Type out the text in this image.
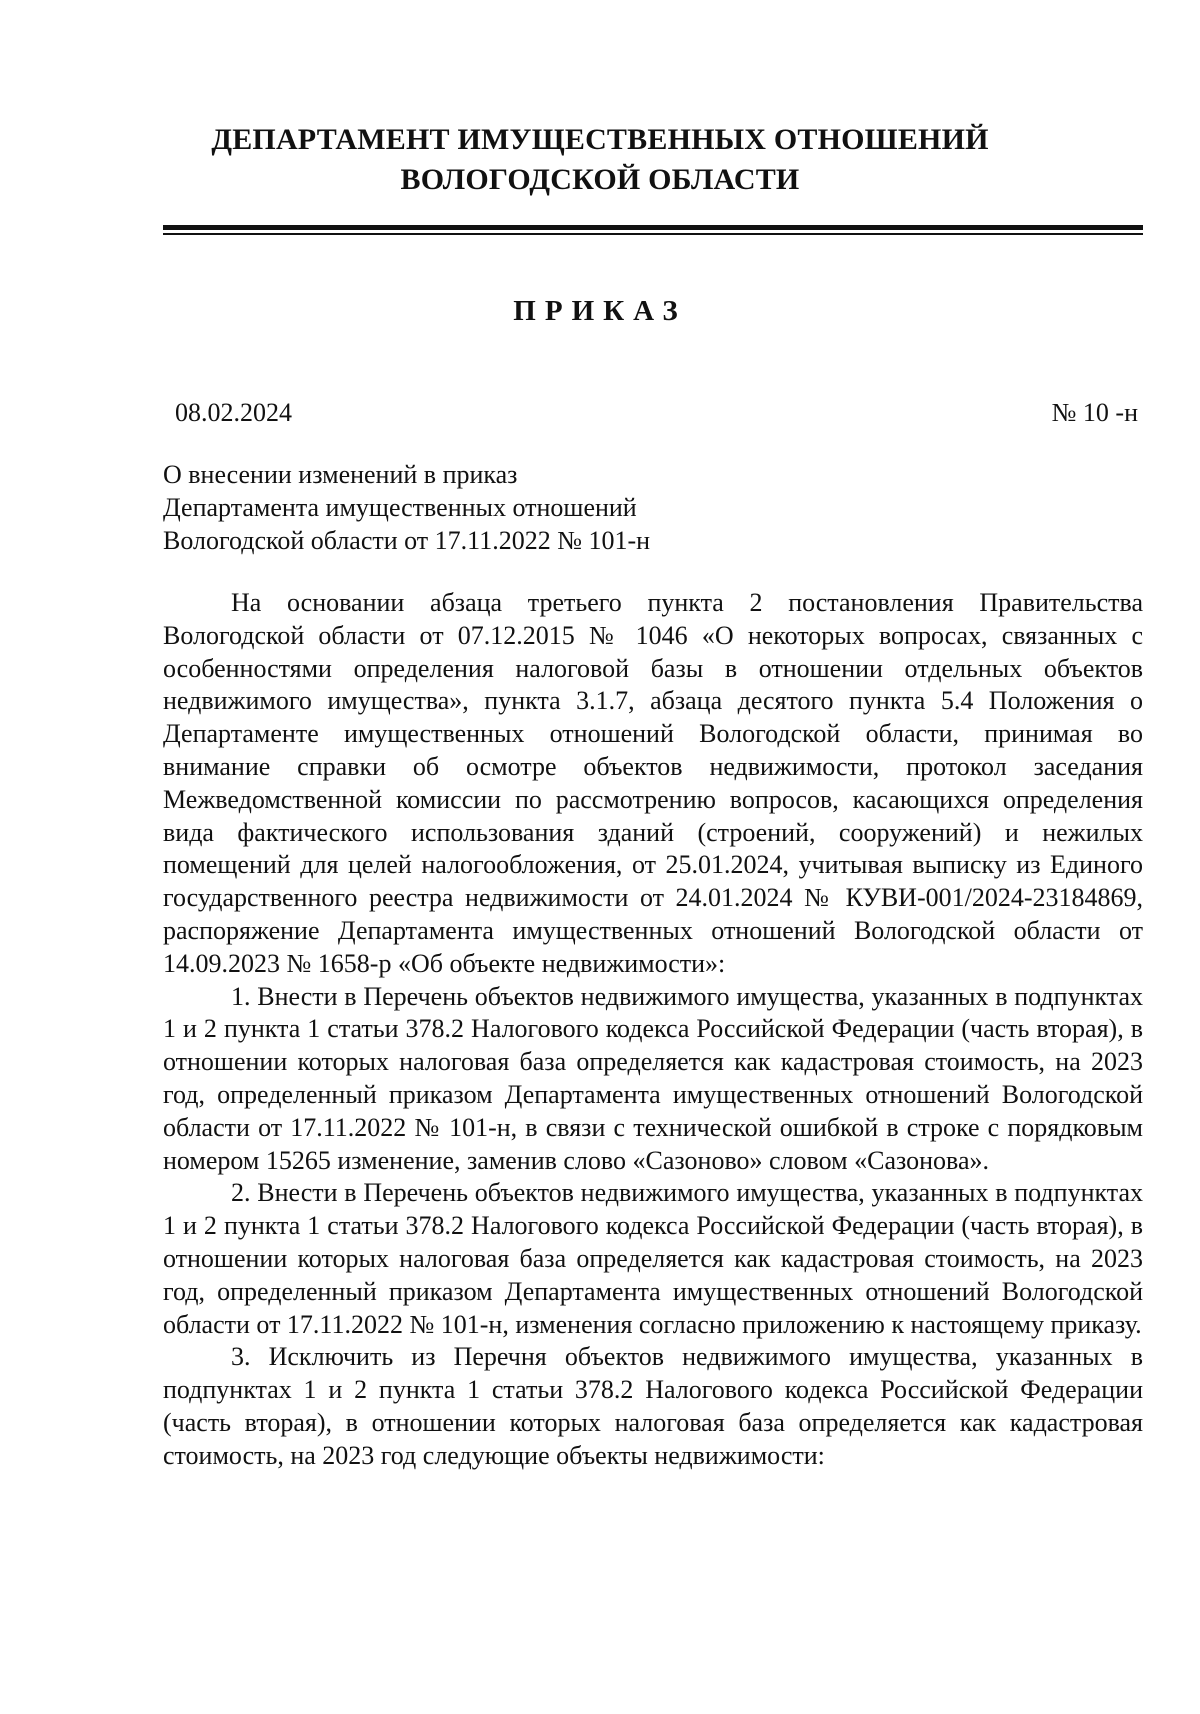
ДЕПАРТАМЕНТ ИМУЩЕСТВЕННЫХ ОТНОШЕНИЙ
ВОЛОГОДСКОЙ ОБЛАСТИ
ПРИКАЗ
08.02.2024	№ 10 -н
О внесении изменений в приказ
Департамента имущественных отношений
Вологодской области от 17.11.2022 № 101-н

На основании абзаца третьего пункта 2 постановления Правительства Вологодской области от 07.12.2015 № 1046 «О некоторых вопросах, связанных с особенностями определения налоговой базы в отношении отдельных объектов недвижимого имущества», пункта 3.1.7, абзаца десятого пункта 5.4 Положения о Департаменте имущественных отношений Вологодской области, принимая во внимание справки об осмотре объектов недвижимости, протокол заседания Межведомственной комиссии по рассмотрению вопросов, касающихся определения вида фактического использования зданий (строений, сооружений) и нежилых помещений для целей налогообложения, от 25.01.2024, учитывая выписку из Единого государственного реестра недвижимости от 24.01.2024 № КУВИ-001/2024-23184869, распоряжение Департамента имущественных отношений Вологодской области от 14.09.2023 № 1658-р «Об объекте недвижимости»:

1. Внести в Перечень объектов недвижимого имущества, указанных в подпунктах 1 и 2 пункта 1 статьи 378.2 Налогового кодекса Российской Федерации (часть вторая), в отношении которых налоговая база определяется как кадастровая стоимость, на 2023 год, определенный приказом Департамента имущественных отношений Вологодской области от 17.11.2022 № 101-н, в связи с технической ошибкой в строке с порядковым номером 15265 изменение, заменив слово «Сазоново» словом «Сазонова».

2. Внести в Перечень объектов недвижимого имущества, указанных в подпунктах 1 и 2 пункта 1 статьи 378.2 Налогового кодекса Российской Федерации (часть вторая), в отношении которых налоговая база определяется как кадастровая стоимость, на 2023 год, определенный приказом Департамента имущественных отношений Вологодской области от 17.11.2022 № 101-н, изменения согласно приложению к настоящему приказу.

3. Исключить из Перечня объектов недвижимого имущества, указанных в подпунктах 1 и 2 пункта 1 статьи 378.2 Налогового кодекса Российской Федерации (часть вторая), в отношении которых налоговая база определяется как кадастровая стоимость, на 2023 год следующие объекты недвижимости:
